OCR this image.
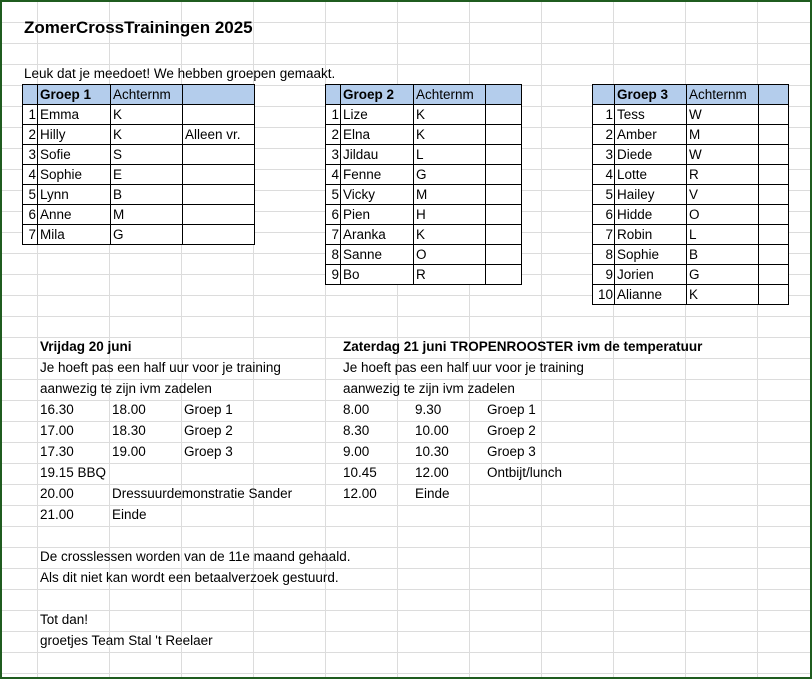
ZomerCrossTrainingen 2025
Leuk dat je meedoet! We hebben groepen gemaakt.
	Groep 1	Achternm	
1	Emma	K	
2	Hilly	K	Alleen vr.
3	Sofie	S	
4	Sophie	E	
5	Lynn	B	
6	Anne	M	
7	Mila	G	
	Groep 2	Achternm	
1	Lize	K	
2	Elna	K	
3	Jildau	L	
4	Fenne	G	
5	Vicky	M	
6	Pien	H	
7	Aranka	K	
8	Sanne	O	
9	Bo	R	
	Groep 3	Achternm	
1	Tess	W	
2	Amber	M	
3	Diede	W	
4	Lotte	R	
5	Hailey	V	
6	Hidde	O	
7	Robin	L	
8	Sophie	B	
9	Jorien	G	
10	Alianne	K	
Vrijdag 20 juni
Je hoeft pas een half uur voor je training
aanwezig te zijn ivm zadelen
16.30	18.00	Groep 1
17.00	18.30	Groep 2
17.30	19.00	Groep 3
19.15 BBQ
20.00	Dressuurdemonstratie Sander
21.00	Einde
Zaterdag 21 juni TROPENROOSTER ivm de temperatuur
Je hoeft pas een half uur voor je training
aanwezig te zijn ivm zadelen
8.00	9.30	Groep 1
8.30	10.00	Groep 2
9.00	10.30	Groep 3
10.45	12.00	Ontbijt/lunch
12.00	Einde
De crosslessen worden van de 11e maand gehaald.
Als dit niet kan wordt een betaalverzoek gestuurd.
Tot dan!
groetjes Team Stal 't Reelaer
